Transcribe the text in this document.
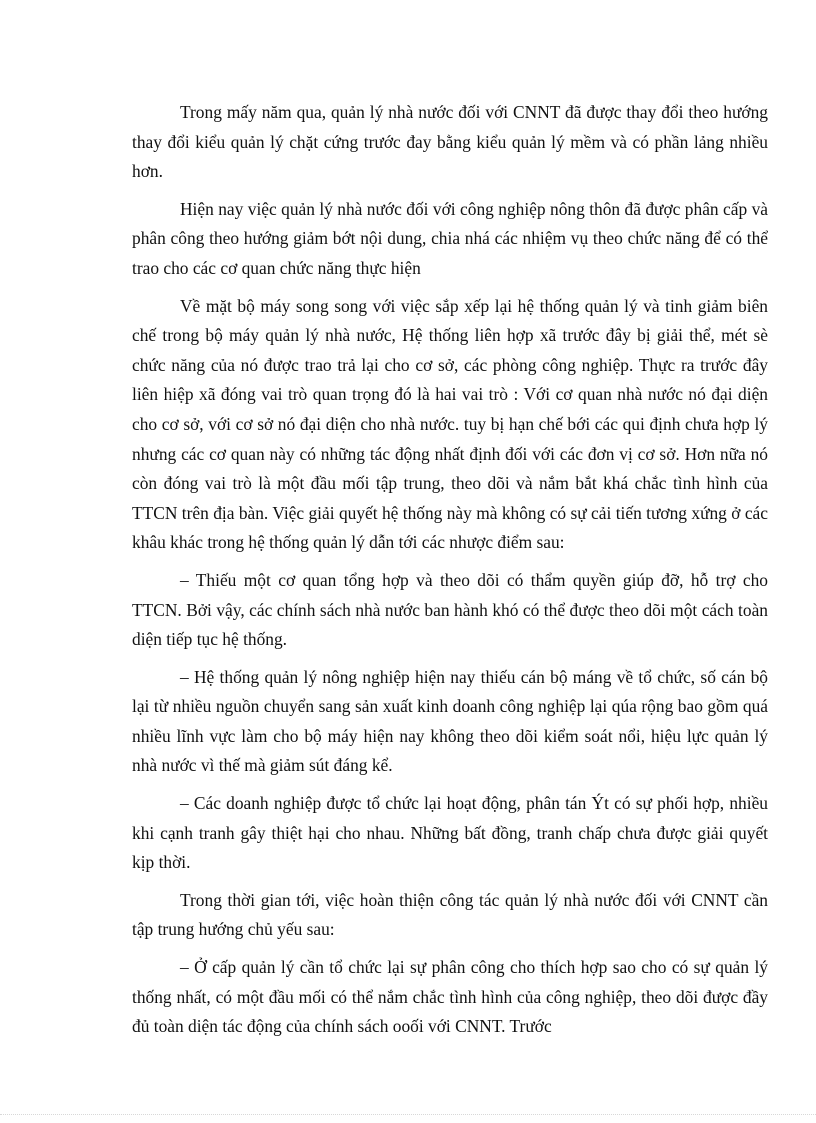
Trong mấy năm qua, quản lý nhà nước đối với CNNT đã được thay đổi theo hướng thay đổi kiểu quản lý chặt cứng trước đay bằng kiểu quản lý mềm và có phần lảng nhiều hơn.

Hiện nay việc quản lý nhà nước đối với công nghiệp nông thôn đã được phân cấp và phân công theo hướng giảm bớt nội dung, chia nhá các nhiệm vụ theo chức năng để có thể trao cho các cơ quan chức năng thực hiện

Về mặt bộ máy song song với việc sắp xếp lại hệ thống quản lý và tinh giảm biên chế trong bộ máy quản lý nhà nước, Hệ thống liên hợp xã trước đây bị giải thể, mét sè chức năng của nó được trao trả lại cho cơ sở, các phòng công nghiệp. Thực ra trước đây liên hiệp xã đóng vai trò quan trọng đó là hai vai trò : Với cơ quan nhà nước nó đại diện cho cơ sở, với cơ sở nó đại diện cho nhà nước. tuy bị hạn chế bới các qui định chưa hợp lý nhưng các cơ quan này có những tác động nhất định đối với các đơn vị cơ sở. Hơn nữa nó còn đóng vai trò là một đầu mối tập trung, theo dõi và nắm bắt khá chắc tình hình của TTCN trên địa bàn. Việc giải quyết hệ thống này mà không có sự cải tiến tương xứng ở các khâu khác trong hệ thống quản lý dẫn tới các nhược điểm sau:

– Thiếu một cơ quan tổng hợp và theo dõi có thẩm quyền giúp đỡ, hỗ trợ cho TTCN. Bởi vậy, các chính sách nhà nước ban hành khó có thể được theo dõi một cách toàn diện tiếp tục hệ thống.

– Hệ thống quản lý nông nghiệp hiện nay thiếu cán bộ máng về tổ chức, số cán bộ lại từ nhiều nguồn chuyển sang sản xuất kinh doanh công nghiệp lại qúa rộng bao gồm quá nhiều lĩnh vực làm cho bộ máy hiện nay không theo dõi kiểm soát nổi, hiệu lực quản lý nhà nước vì thế mà giảm sút đáng kể.

– Các doanh nghiệp được tổ chức lại hoạt động, phân tán Ýt có sự phối hợp, nhiều khi cạnh tranh gây thiệt hại cho nhau. Những bất đồng, tranh chấp chưa được giải quyết kịp thời.

Trong thời gian tới, việc hoàn thiện công tác quản lý nhà nước đối với CNNT cần tập trung hướng chủ yếu sau:

– Ở cấp quản lý cần tổ chức lại sự phân công cho thích hợp sao cho có sự quản lý thống nhất, có một đầu mối có thể nắm chắc tình hình của công nghiệp, theo dõi được đầy đủ toàn diện tác động của chính sách ooối với CNNT. Trước
